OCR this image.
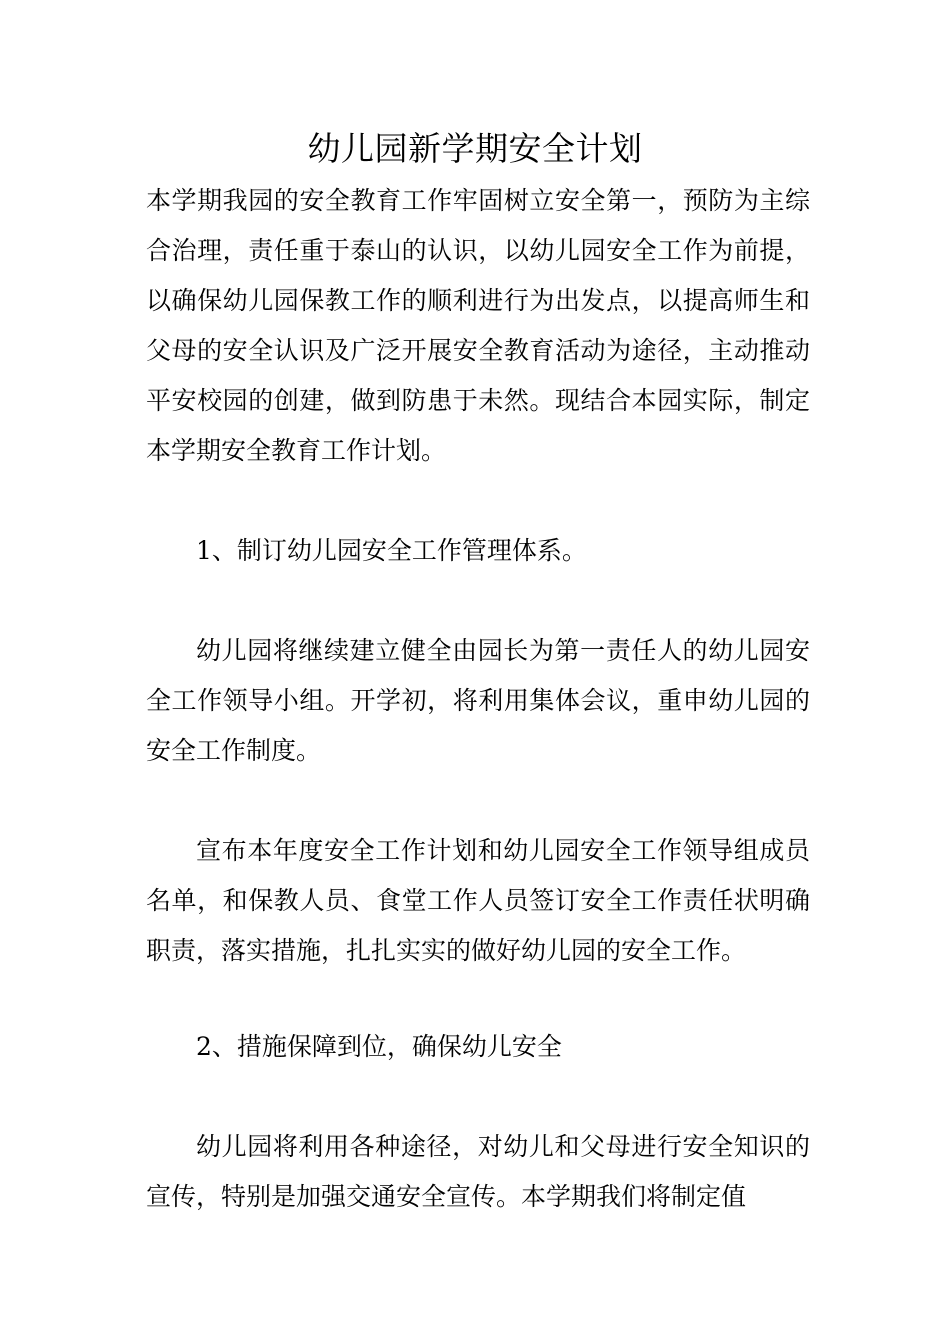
幼儿园新学期安全计划

本学期我园的安全教育工作牢固树立安全第一，预防为主综合治理，责任重于泰山的认识，以幼儿园安全工作为前提，以确保幼儿园保教工作的顺利进行为出发点，以提高师生和父母的安全认识及广泛开展安全教育活动为途径，主动推动平安校园的创建，做到防患于未然。现结合本园实际，制定本学期安全教育工作计划。

1、制订幼儿园安全工作管理体系。

幼儿园将继续建立健全由园长为第一责任人的幼儿园安全工作领导小组。开学初，将利用集体会议，重申幼儿园的安全工作制度。

宣布本年度安全工作计划和幼儿园安全工作领导组成员名单，和保教人员、食堂工作人员签订安全工作责任状明确职责，落实措施，扎扎实实的做好幼儿园的安全工作。

2、措施保障到位，确保幼儿安全

幼儿园将利用各种途径，对幼儿和父母进行安全知识的宣传，特别是加强交通安全宣传。本学期我们将制定值
